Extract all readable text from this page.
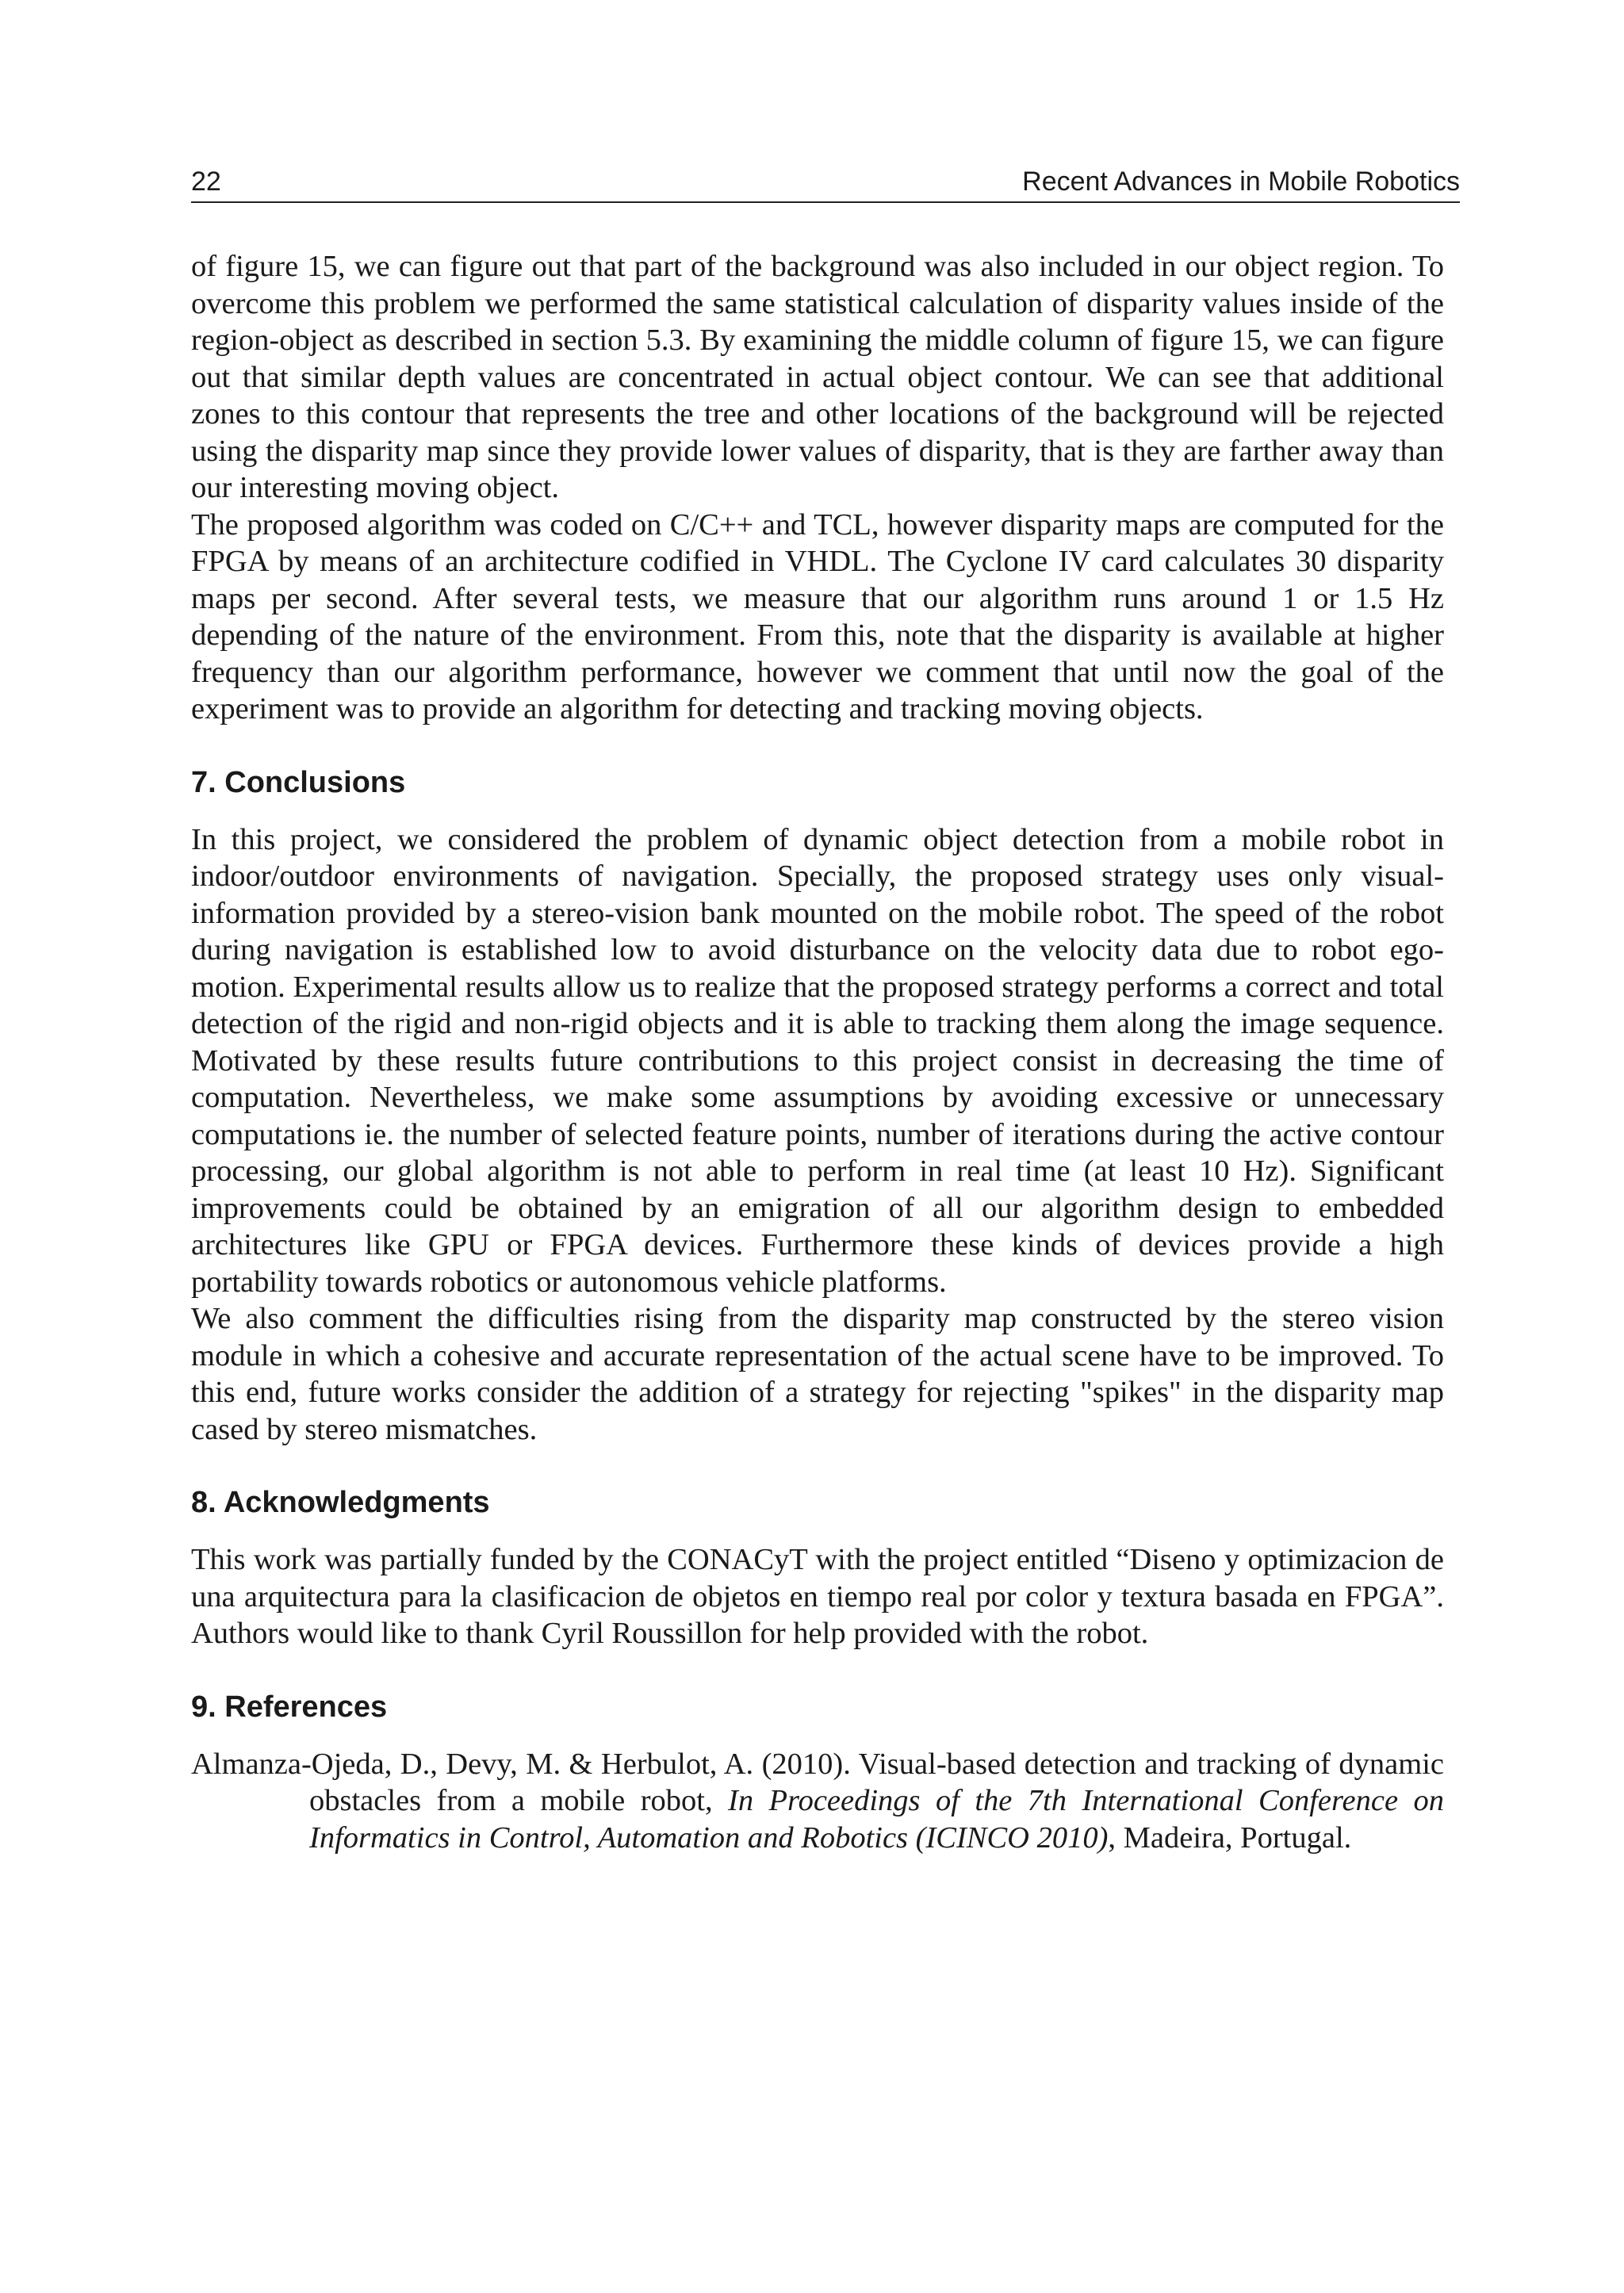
22	Recent Advances in Mobile Robotics

of figure 15, we can figure out that part of the background was also included in our object region. To overcome this problem we performed the same statistical calculation of disparity values inside of the region-object as described in section 5.3. By examining the middle column of figure 15, we can figure out that similar depth values are concentrated in actual object contour. We can see that additional zones to this contour that represents the tree and other locations of the background will be rejected using the disparity map since they provide lower values of disparity, that is they are farther away than our interesting moving object.

The proposed algorithm was coded on C/C++ and TCL, however disparity maps are computed for the FPGA by means of an architecture codified in VHDL. The Cyclone IV card calculates 30 disparity maps per second. After several tests, we measure that our algorithm runs around 1 or 1.5 Hz depending of the nature of the environment. From this, note that the disparity is available at higher frequency than our algorithm performance, however we comment that until now the goal of the experiment was to provide an algorithm for detecting and tracking moving objects.

7. Conclusions

In this project, we considered the problem of dynamic object detection from a mobile robot in indoor/outdoor environments of navigation. Specially, the proposed strategy uses only visual-information provided by a stereo-vision bank mounted on the mobile robot. The speed of the robot during navigation is established low to avoid disturbance on the velocity data due to robot ego-motion. Experimental results allow us to realize that the proposed strategy performs a correct and total detection of the rigid and non-rigid objects and it is able to tracking them along the image sequence. Motivated by these results future contributions to this project consist in decreasing the time of computation. Nevertheless, we make some assumptions by avoiding excessive or unnecessary computations ie. the number of selected feature points, number of iterations during the active contour processing, our global algorithm is not able to perform in real time (at least 10 Hz). Significant improvements could be obtained by an emigration of all our algorithm design to embedded architectures like GPU or FPGA devices. Furthermore these kinds of devices provide a high portability towards robotics or autonomous vehicle platforms.

We also comment the difficulties rising from the disparity map constructed by the stereo vision module in which a cohesive and accurate representation of the actual scene have to be improved. To this end, future works consider the addition of a strategy for rejecting "spikes" in the disparity map cased by stereo mismatches.

8. Acknowledgments

This work was partially funded by the CONACyT with the project entitled “Diseno y optimizacion de una arquitectura para la clasificacion de objetos en tiempo real por color y textura basada en FPGA”. Authors would like to thank Cyril Roussillon for help provided with the robot.

9. References

Almanza-Ojeda, D., Devy, M. & Herbulot, A. (2010). Visual-based detection and tracking of dynamic obstacles from a mobile robot, In Proceedings of the 7th International Conference on Informatics in Control, Automation and Robotics (ICINCO 2010), Madeira, Portugal.
